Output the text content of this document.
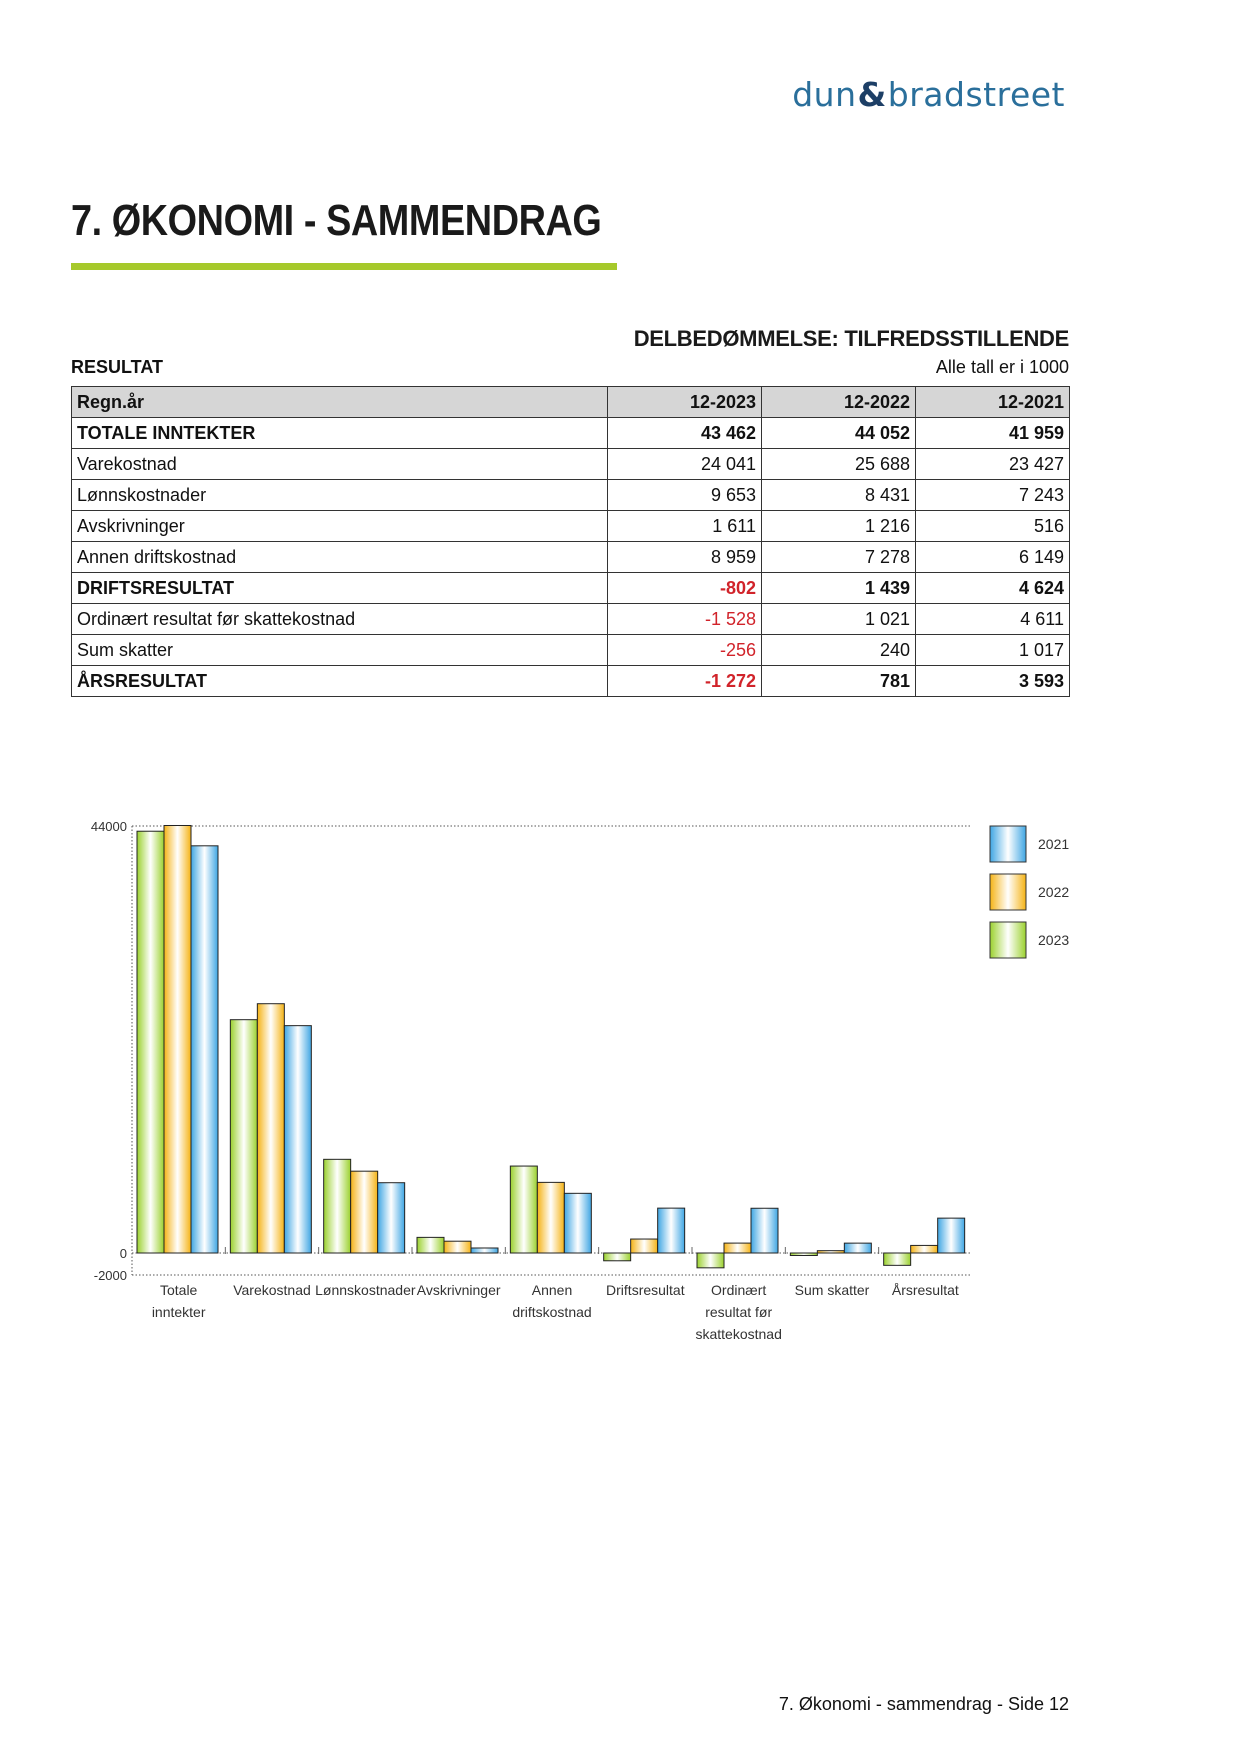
dun&bradstreet
7. ØKONOMI - SAMMENDRAG
DELBEDØMMELSE: TILFREDSSTILLENDE
RESULTAT	Alle tall er i 1000
Regn.år	12-2023	12-2022	12-2021
TOTALE INNTEKTER	43 462	44 052	41 959
Varekostnad	24 041	25 688	23 427
Lønnskostnader	9 653	8 431	7 243
Avskrivninger	1 611	1 216	516
Annen driftskostnad	8 959	7 278	6 149
DRIFTSRESULTAT	-802	1 439	4 624
Ordinært resultat før skattekostnad	-1 528	1 021	4 611
Sum skatter	-256	240	1 017
ÅRSRESULTAT	-1 272	781	3 593
44000
0
-2000
Totale
inntekter
Varekostnad Lønnskostnader Avskrivninger Annen
driftskostnad
Driftsresultat Ordinært
resultat før
skattekostnad
Sum skatter Årsresultat
2021
2022
2023
7. Økonomi - sammendrag - Side 12
